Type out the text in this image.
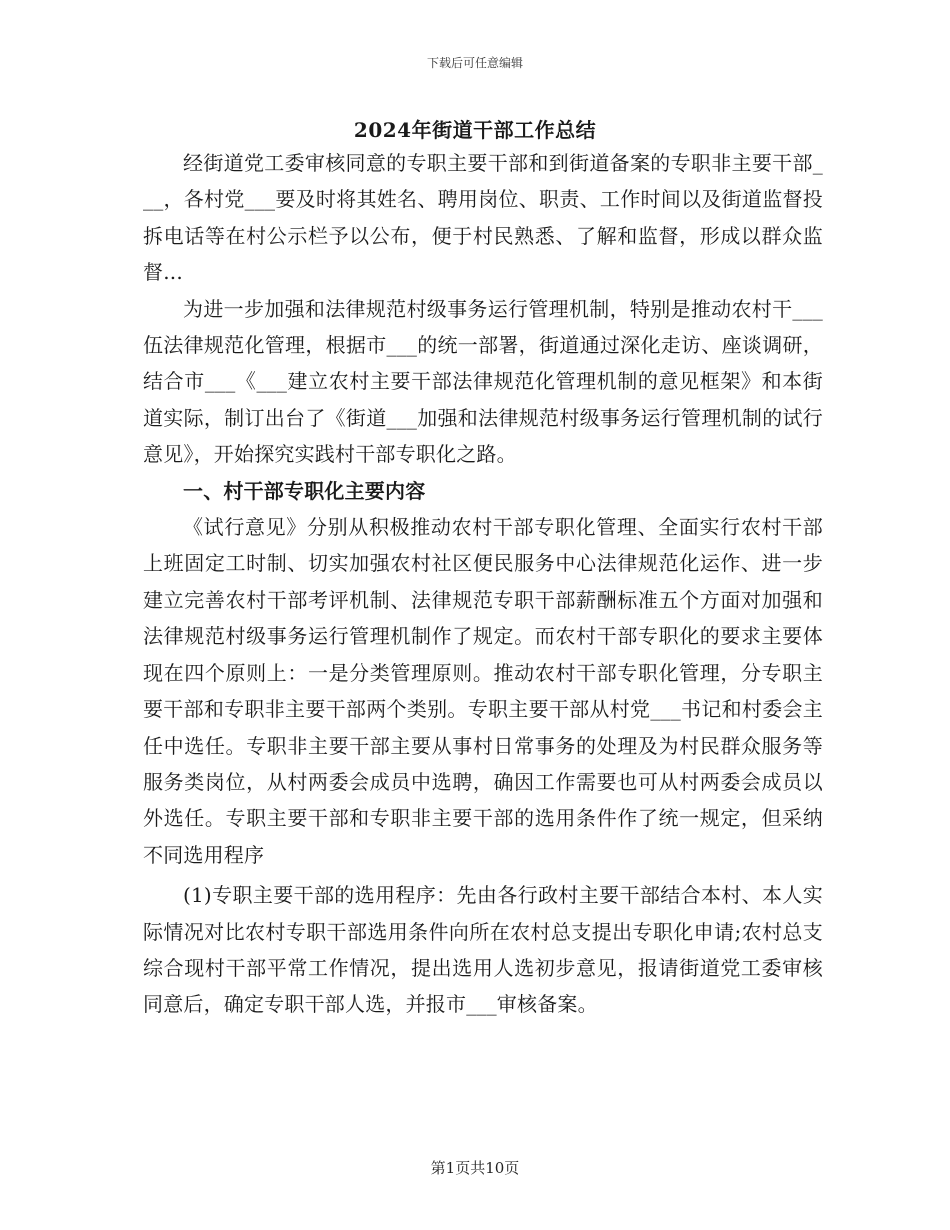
下载后可任意编辑
2024年街道干部工作总结

经街道党工委审核同意的专职主要干部和到街道备案的专职非主要干部___，各村党___要及时将其姓名、聘用岗位、职责、工作时间以及街道监督投拆电话等在村公示栏予以公布，便于村民熟悉、了解和监督，形成以群众监督...

为进一步加强和法律规范村级事务运行管理机制，特别是推动农村干___伍法律规范化管理，根据市___的统一部署，街道通过深化走访、座谈调研，结合市___《___建立农村主要干部法律规范化管理机制的意见框架》和本街道实际，制订出台了《街道___加强和法律规范村级事务运行管理机制的试行意见》，开始探究实践村干部专职化之路。

一、村干部专职化主要内容

《试行意见》分别从积极推动农村干部专职化管理、全面实行农村干部上班固定工时制、切实加强农村社区便民服务中心法律规范化运作、进一步建立完善农村干部考评机制、法律规范专职干部薪酬标准五个方面对加强和法律规范村级事务运行管理机制作了规定。而农村干部专职化的要求主要体现在四个原则上：一是分类管理原则。推动农村干部专职化管理，分专职主要干部和专职非主要干部两个类别。专职主要干部从村党___书记和村委会主任中选任。专职非主要干部主要从事村日常事务的处理及为村民群众服务等服务类岗位，从村两委会成员中选聘，确因工作需要也可从村两委会成员以外选任。专职主要干部和专职非主要干部的选用条件作了统一规定，但采纳不同选用程序

(1)专职主要干部的选用程序：先由各行政村主要干部结合本村、本人实际情况对比农村专职干部选用条件向所在农村总支提出专职化申请;农村总支综合现村干部平常工作情况，提出选用人选初步意见，报请街道党工委审核同意后，确定专职干部人选，并报市___审核备案。

第1页共10页
